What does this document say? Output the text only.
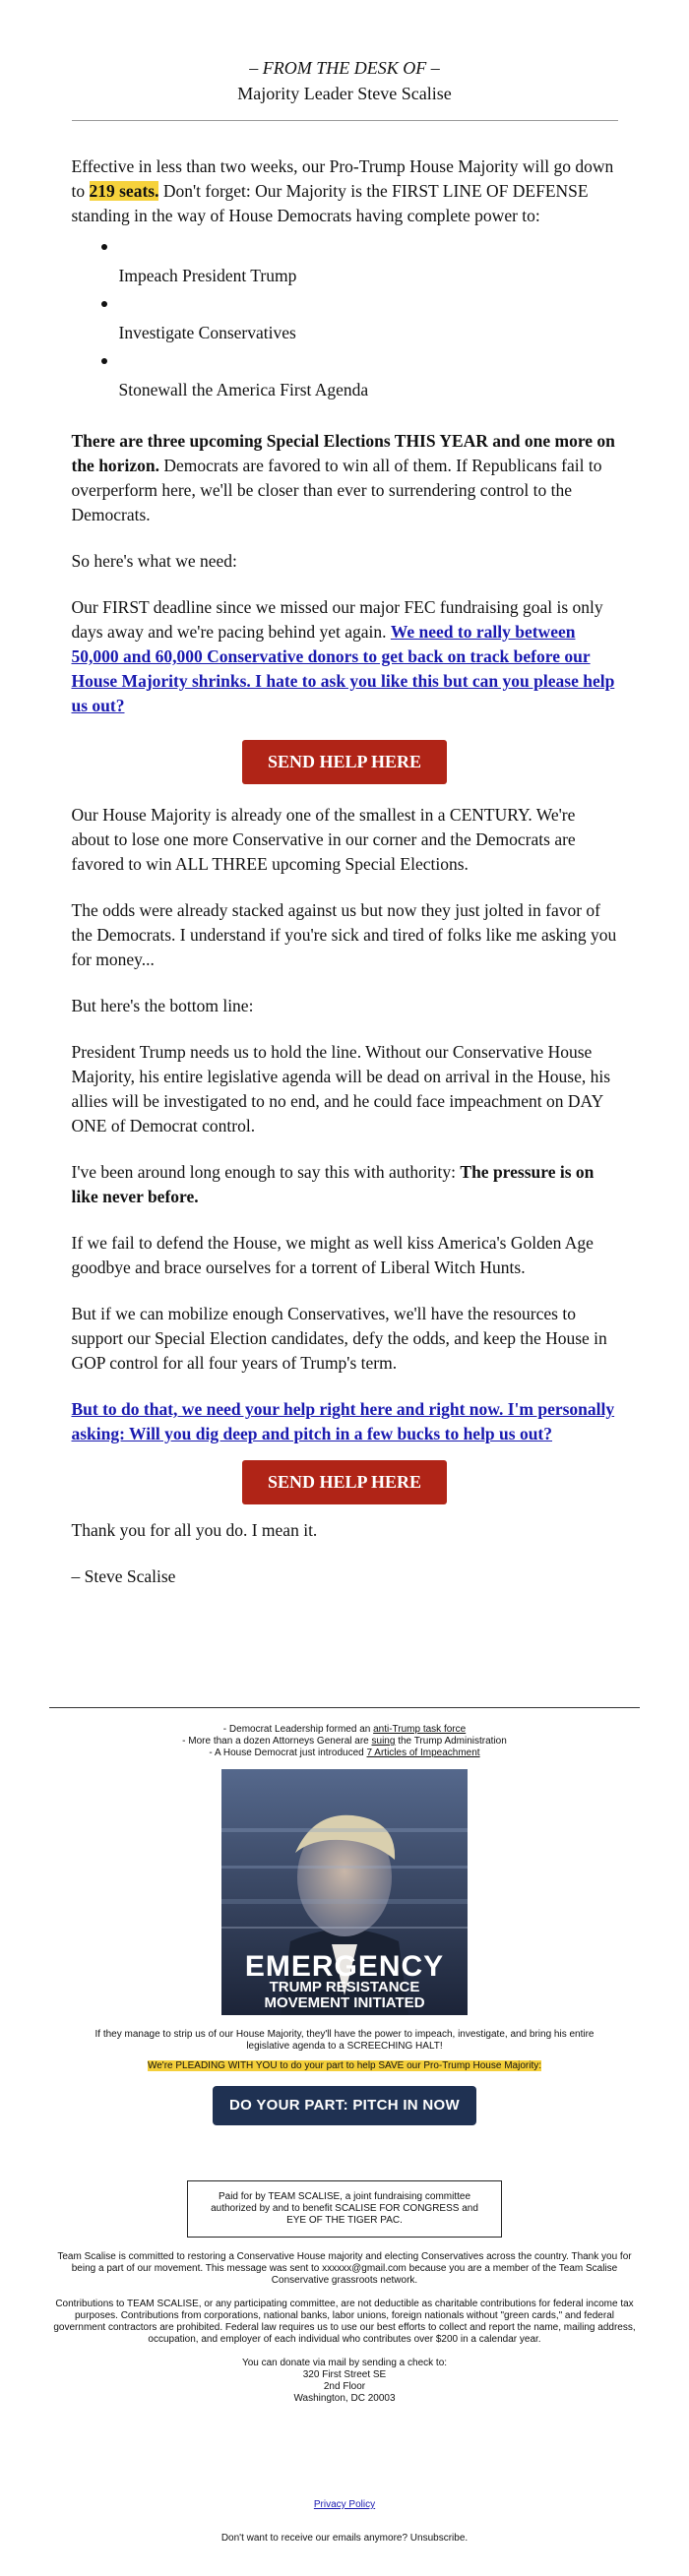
– FROM THE DESK OF –
Majority Leader Steve Scalise

Effective in less than two weeks, our Pro-Trump House Majority will go down to 219 seats. Don't forget: Our Majority is the FIRST LINE OF DEFENSE standing in the way of House Democrats having complete power to:

Impeach President Trump
Investigate Conservatives
Stonewall the America First Agenda

There are three upcoming Special Elections THIS YEAR and one more on the horizon. Democrats are favored to win all of them. If Republicans fail to overperform here, we'll be closer than ever to surrendering control to the Democrats.

So here's what we need:

Our FIRST deadline since we missed our major FEC fundraising goal is only days away and we're pacing behind yet again. We need to rally between 50,000 and 60,000 Conservative donors to get back on track before our House Majority shrinks. I hate to ask you like this but can you please help us out?

SEND HELP HERE

Our House Majority is already one of the smallest in a CENTURY. We're about to lose one more Conservative in our corner and the Democrats are favored to win ALL THREE upcoming Special Elections.

The odds were already stacked against us but now they just jolted in favor of the Democrats. I understand if you're sick and tired of folks like me asking you for money...

But here's the bottom line:

President Trump needs us to hold the line. Without our Conservative House Majority, his entire legislative agenda will be dead on arrival in the House, his allies will be investigated to no end, and he could face impeachment on DAY ONE of Democrat control.

I've been around long enough to say this with authority: The pressure is on like never before.

If we fail to defend the House, we might as well kiss America's Golden Age goodbye and brace ourselves for a torrent of Liberal Witch Hunts.

But if we can mobilize enough Conservatives, we'll have the resources to support our Special Election candidates, defy the odds, and keep the House in GOP control for all four years of Trump's term.

But to do that, we need your help right here and right now. I'm personally asking: Will you dig deep and pitch in a few bucks to help us out?

SEND HELP HERE

Thank you for all you do. I mean it.

– Steve Scalise

- Democrat Leadership formed an anti-Trump task force
- More than a dozen Attorneys General are suing the Trump Administration
- A House Democrat just introduced 7 Articles of Impeachment
EMERGENCY
TRUMP RESISTANCE
MOVEMENT INITIATED
If they manage to strip us of our House Majority, they'll have the power to impeach, investigate, and bring his entire legislative agenda to a SCREECHING HALT!
We're PLEADING WITH YOU to do your part to help SAVE our Pro-Trump House Majority:
DO YOUR PART: PITCH IN NOW
Paid for by TEAM SCALISE, a joint fundraising committee
authorized by and to benefit SCALISE FOR CONGRESS and
EYE OF THE TIGER PAC.
Team Scalise is committed to restoring a Conservative House majority and electing Conservatives across the country. Thank you for being a part of our movement. This message was sent to xxxxxx@gmail.com because you are a member of the Team Scalise Conservative grassroots network.
Contributions to TEAM SCALISE, or any participating committee, are not deductible as charitable contributions for federal income tax purposes. Contributions from corporations, national banks, labor unions, foreign nationals without "green cards," and federal government contractors are prohibited. Federal law requires us to use our best efforts to collect and report the name, mailing address, occupation, and employer of each individual who contributes over $200 in a calendar year.
You can donate via mail by sending a check to:
320 First Street SE
2nd Floor
Washington, DC 20003
Privacy Policy
Don't want to receive our emails anymore? Unsubscribe.
